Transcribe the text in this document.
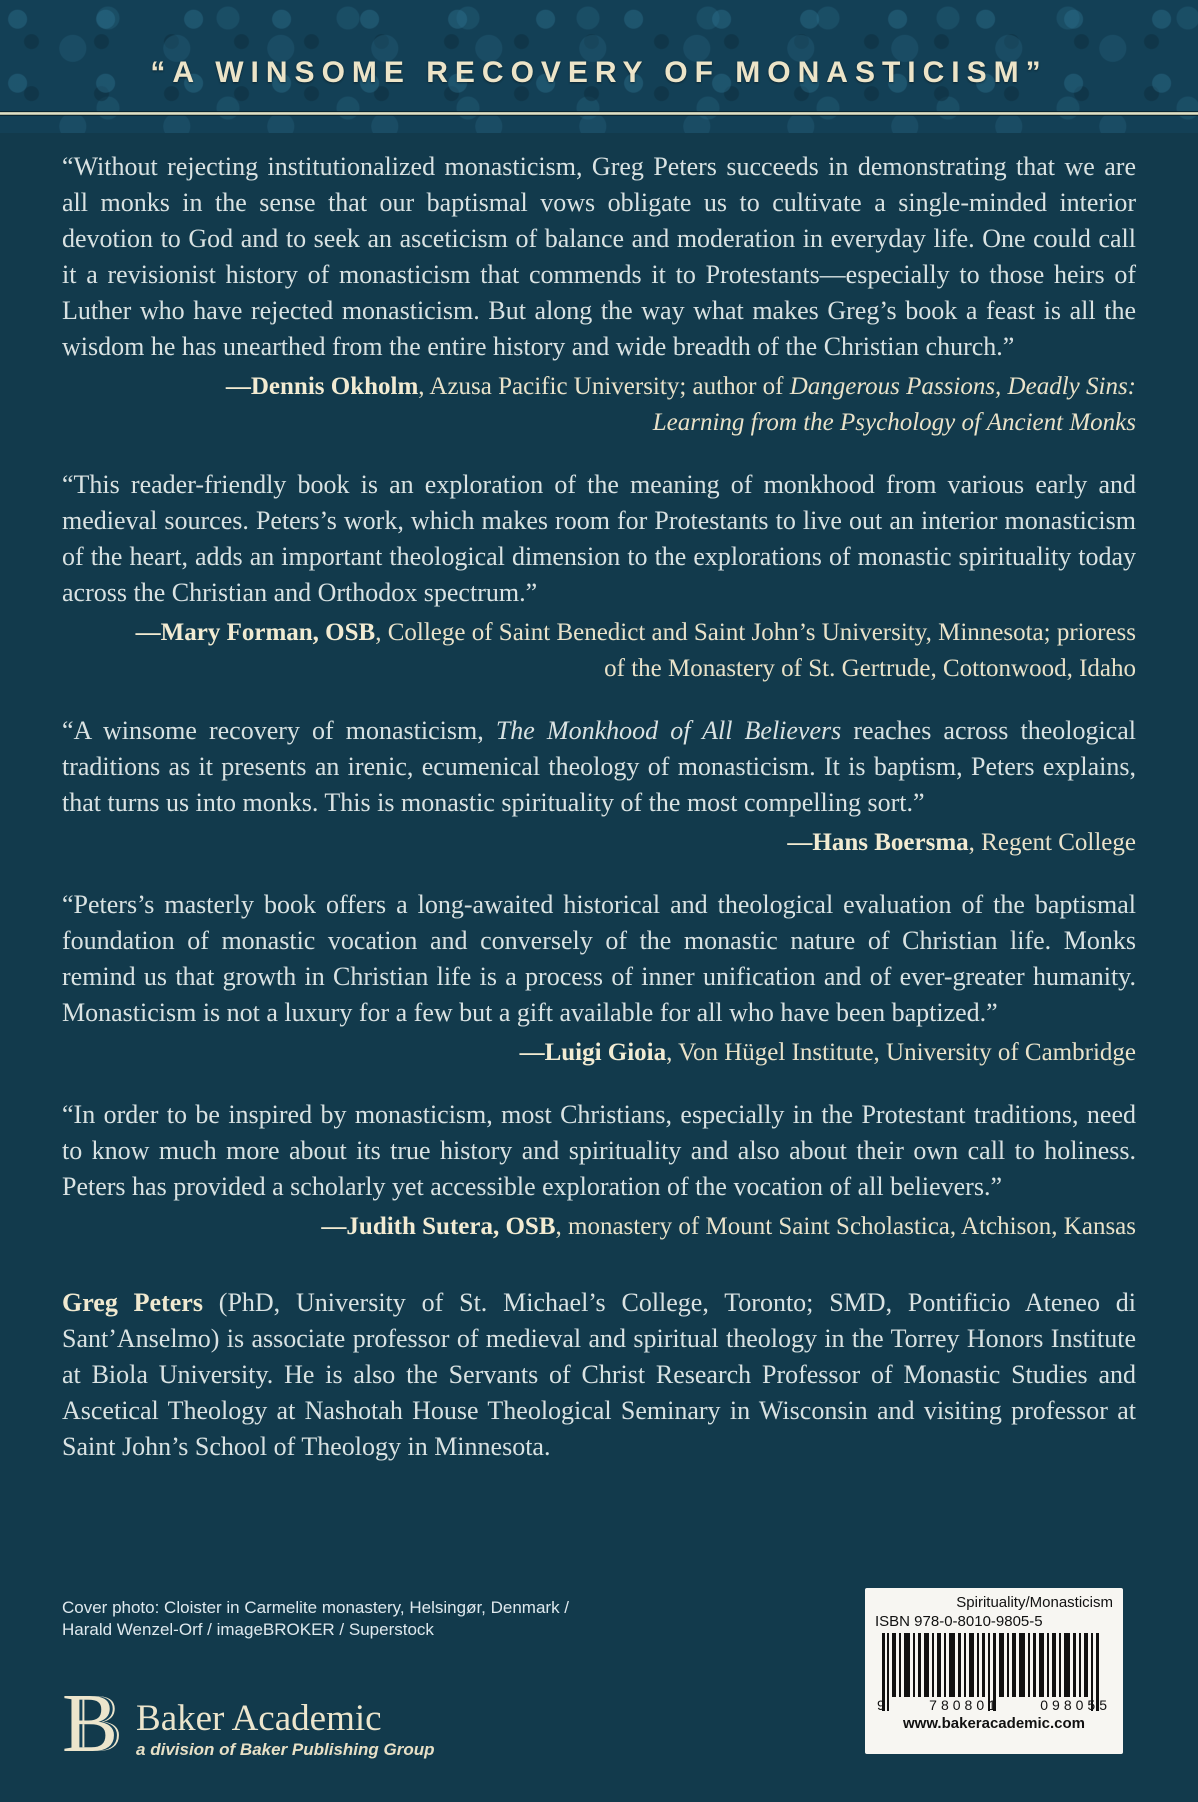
“A WINSOME RECOVERY OF MONASTICISM”

“Without rejecting institutionalized monasticism, Greg Peters succeeds in demonstrating that we are all monks in the sense that our baptismal vows obligate us to cultivate a single-minded interior devotion to God and to seek an asceticism of balance and moderation in everyday life. One could call it a revisionist history of monasticism that commends it to Protestants—especially to those heirs of Luther who have rejected monasticism. But along the way what makes Greg’s book a feast is all the wisdom he has unearthed from the entire history and wide breadth of the Christian church.”

—Dennis Okholm, Azusa Pacific University; author of Dangerous Passions, Deadly Sins: Learning from the Psychology of Ancient Monks

“This reader-friendly book is an exploration of the meaning of monkhood from various early and medieval sources. Peters’s work, which makes room for Protestants to live out an interior monasticism of the heart, adds an important theological dimension to the explorations of monastic spirituality today across the Christian and Orthodox spectrum.”

—Mary Forman, OSB, College of Saint Benedict and Saint John’s University, Minnesota; prioress of the Monastery of St. Gertrude, Cottonwood, Idaho

“A winsome recovery of monasticism, The Monkhood of All Believers reaches across theological traditions as it presents an irenic, ecumenical theology of monasticism. It is baptism, Peters explains, that turns us into monks. This is monastic spirituality of the most compelling sort.”

—Hans Boersma, Regent College

“Peters’s masterly book offers a long-awaited historical and theological evaluation of the baptismal foundation of monastic vocation and conversely of the monastic nature of Christian life. Monks remind us that growth in Christian life is a process of inner unification and of ever-greater humanity. Monasticism is not a luxury for a few but a gift available for all who have been baptized.”

—Luigi Gioia, Von Hügel Institute, University of Cambridge

“In order to be inspired by monasticism, most Christians, especially in the Protestant traditions, need to know much more about its true history and spirituality and also about their own call to holiness. Peters has provided a scholarly yet accessible exploration of the vocation of all believers.”

—Judith Sutera, OSB, monastery of Mount Saint Scholastica, Atchison, Kansas

Greg Peters (PhD, University of St. Michael’s College, Toronto; SMD, Pontificio Ateneo di Sant’Anselmo) is associate professor of medieval and spiritual theology in the Torrey Honors Institute at Biola University. He is also the Servants of Christ Research Professor of Monastic Studies and Ascetical Theology at Nashotah House Theological Seminary in Wisconsin and visiting professor at Saint John’s School of Theology in Minnesota.

Cover photo: Cloister in Carmelite monastery, Helsingør, Denmark /
Harald Wenzel-Orf / imageBROKER / Superstock
B Baker Academic
a division of Baker Publishing Group
Spirituality/Monasticism
ISBN 978-0-8010-9805-5
9	780801	098055
www.bakeracademic.com
